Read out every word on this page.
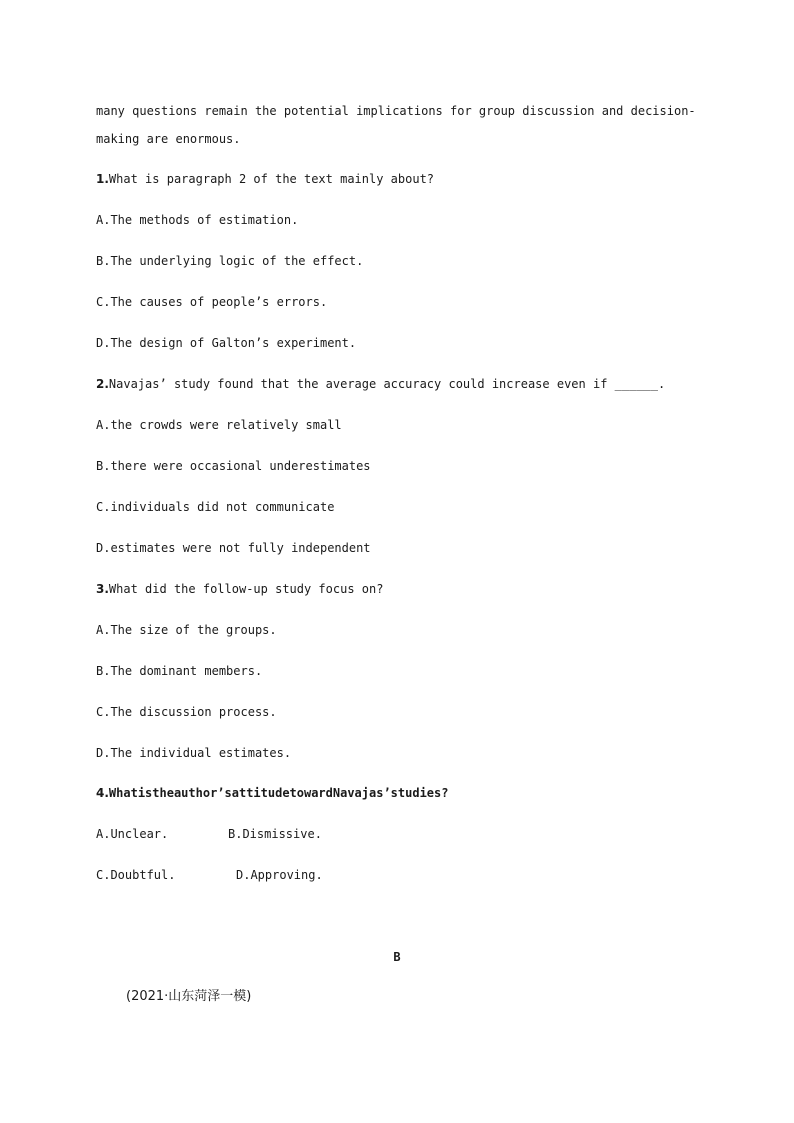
many questions remain the potential implications for group discussion and decision-
making are enormous.
1.What is paragraph 2 of the text mainly about?
A.The methods of estimation.
B.The underlying logic of the effect.
C.The causes of people’s errors.
D.The design of Galton’s experiment.
2.Navajas’ study found that the average accuracy could increase even if ______.
A.the crowds were relatively small
B.there were occasional underestimates
C.individuals did not communicate
D.estimates were not fully independent
3.What did the follow-up study focus on?
A.The size of the groups.
B.The dominant members.
C.The discussion process.
D.The individual estimates.
4.Whatistheauthor’sattitudetowardNavajas’studies?
A.Unclear.	B.Dismissive.
C.Doubtful.	D.Approving.
B
(2021·山东菏泽一模)
